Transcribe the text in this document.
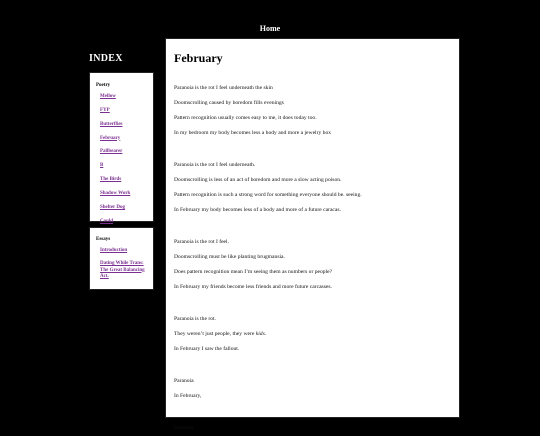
Home
INDEX
Poetry
Mellow
FYP
Butterflies
February
Pallbearer
B
The Birds
Shadow Work
Shelter Dog
Could
Essays
Introduction
Dating While Trans: The Great Balancing Act.
February
Paranoia is the rot I feel underneath the skin
Doomscrolling caused by boredom fills evenings
Pattern recognition usually comes easy to me, it does today too.
In my bedroom my body becomes less a body and more a jewelry box
Paranoia is the rot I feel underneath.
Doomscrolling is less of an act of boredom and more a slow acting poison.
Pattern recognition is such a strong word for something everyone should be. seeing.
In February my body becomes less of a body and more of a future caracas.
Paranoia is the rot I feel.
Doomscrolling must be like planting brugmansia.
Does pattern recognition mean I’m seeing them as numbers or people?
In February my friends become less friends and more future carcasses.
Paranoia is the rot.
They weren’t just people, they were kids.
In February I saw the fallout.
Paranoia
In February,
Paranoia
